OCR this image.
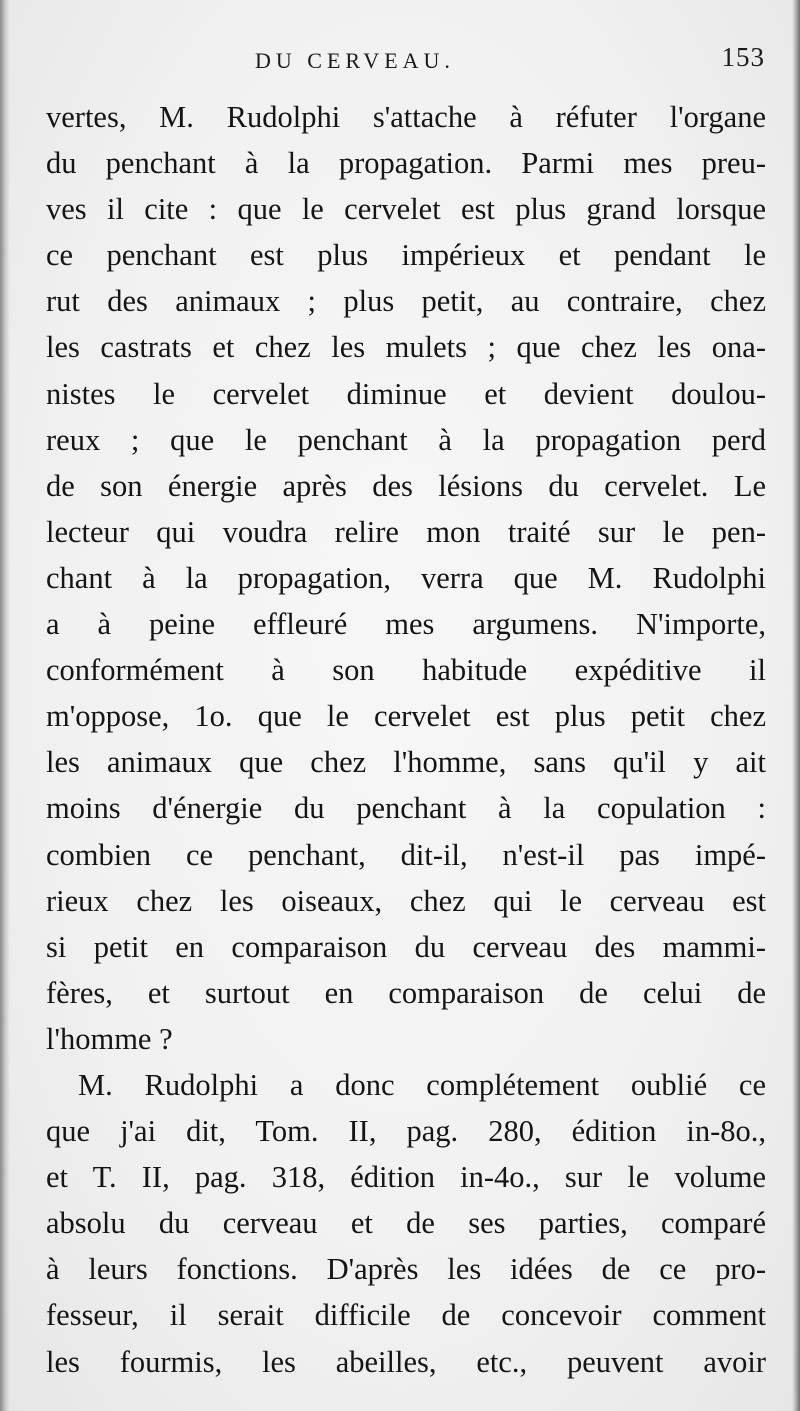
DU CERVEAU.	153
vertes, M. Rudolphi s'attache à réfuter l'organe
du penchant à la propagation. Parmi mes preu-
ves il cite : que le cervelet est plus grand lorsque
ce penchant est plus impérieux et pendant le
rut des animaux ; plus petit, au contraire, chez
les castrats et chez les mulets ; que chez les ona-
nistes le cervelet diminue et devient doulou-
reux ; que le penchant à la propagation perd
de son énergie après des lésions du cervelet. Le
lecteur qui voudra relire mon traité sur le pen-
chant à la propagation, verra que M. Rudolphi
a à peine effleuré mes argumens. N'importe,
conformément à son habitude expéditive il
m'oppose, 1o. que le cervelet est plus petit chez
les animaux que chez l'homme, sans qu'il y ait
moins d'énergie du penchant à la copulation :
combien ce penchant, dit-il, n'est-il pas impé-
rieux chez les oiseaux, chez qui le cerveau est
si petit en comparaison du cerveau des mammi-
fères, et surtout en comparaison de celui de
l'homme ?
M. Rudolphi a donc complétement oublié ce
que j'ai dit, Tom. II, pag. 280, édition in-8o.,
et T. II, pag. 318, édition in-4o., sur le volume
absolu du cerveau et de ses parties, comparé
à leurs fonctions. D'après les idées de ce pro-
fesseur, il serait difficile de concevoir comment
les fourmis, les abeilles, etc., peuvent avoir
